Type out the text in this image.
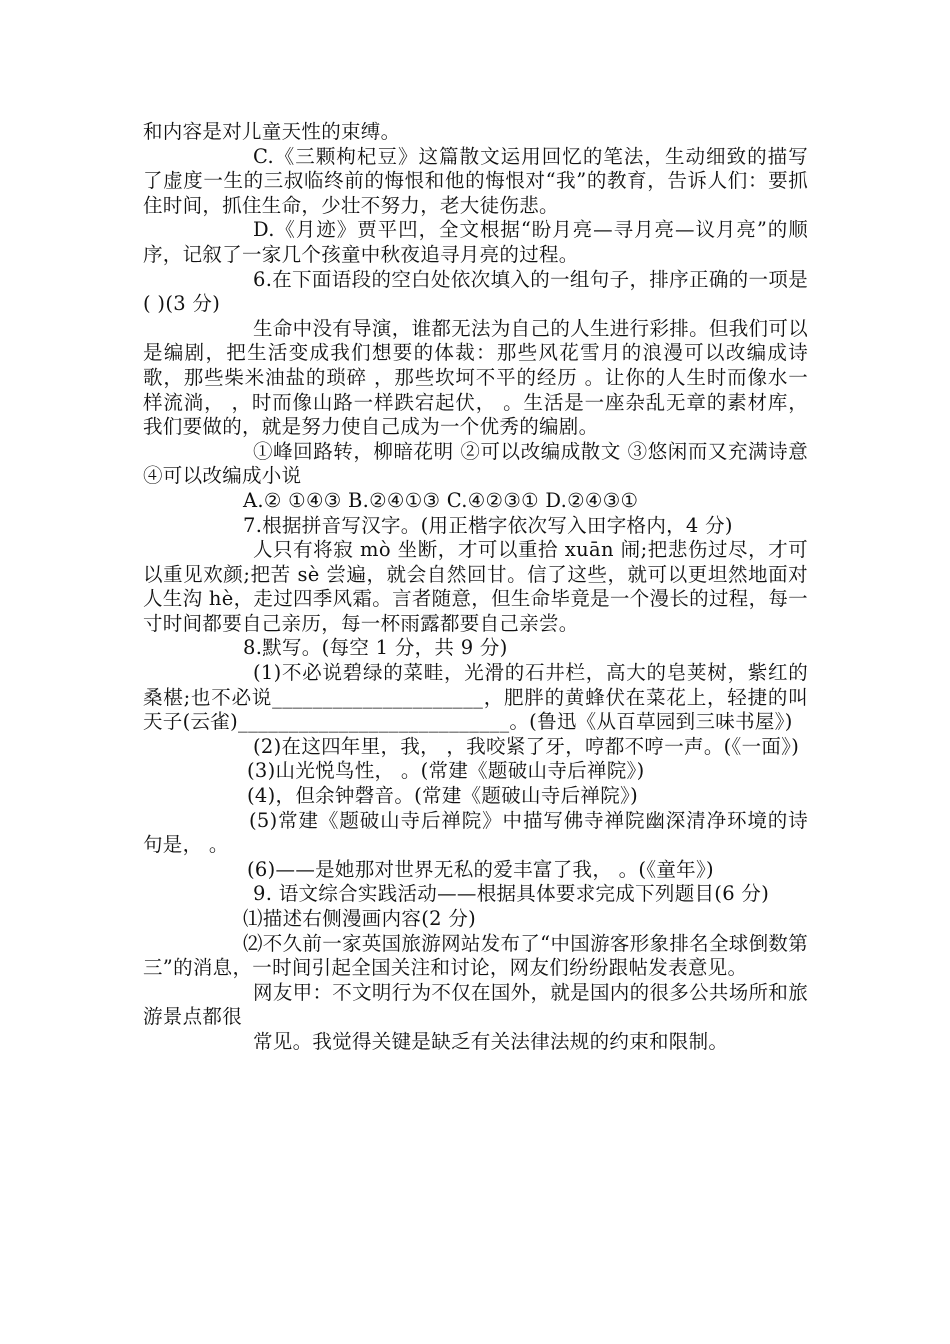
和内容是对儿童天性的束缚。

C.《三颗枸杞豆》这篇散文运用回忆的笔法，生动细致的描写了虚度一生的三叔临终前的悔恨和他的悔恨对“我”的教育，告诉人们：要抓住时间，抓住生命，少壮不努力，老大徒伤悲。

D.《月迹》贾平凹，全文根据“盼月亮—寻月亮—议月亮”的顺序，记叙了一家几个孩童中秋夜追寻月亮的过程。

6.在下面语段的空白处依次填入的一组句子，排序正确的一项是( )(3 分)

生命中没有导演，谁都无法为自己的人生进行彩排。但我们可以是编剧，把生活变成我们想要的体裁：那些风花雪月的浪漫可以改编成诗歌，那些柴米油盐的琐碎 ，那些坎坷不平的经历 。让你的人生时而像水一样流淌， ，时而像山路一样跌宕起伏， 。生活是一座杂乱无章的素材库，我们要做的，就是努力使自己成为一个优秀的编剧。

①峰回路转，柳暗花明 ②可以改编成散文 ③悠闲而又充满诗意 ④可以改编成小说

A.② ①④③ B.②④①③ C.④②③① D.②④③①

7.根据拼音写汉字。(用正楷字依次写入田字格内，4 分)

人只有将寂 mò 坐断，才可以重拾 xuān 闹;把悲伤过尽，才可以重见欢颜;把苦 sè 尝遍，就会自然回甘。信了这些，就可以更坦然地面对人生沟 hè，走过四季风霜。言者随意，但生命毕竟是一个漫长的过程，每一寸时间都要自己亲历，每一杯雨露都要自己亲尝。

8.默写。(每空 1 分，共 9 分)

(1)不必说碧绿的菜畦，光滑的石井栏，高大的皂荚树，紫红的桑椹;也不必说_____________________，肥胖的黄蜂伏在菜花上，轻捷的叫天子(云雀)___________________________。(鲁迅《从百草园到三味书屋》)

(2)在这四年里，我， ，我咬紧了牙，哼都不哼一声。(《一面》)

(3)山光悦鸟性， 。(常建《题破山寺后禅院》)

(4)，但余钟磬音。(常建《题破山寺后禅院》)

(5)常建《题破山寺后禅院》中描写佛寺禅院幽深清净环境的诗句是， 。

(6)——是她那对世界无私的爱丰富了我， 。(《童年》)

9. 语文综合实践活动——根据具体要求完成下列题目(6 分)

⑴描述右侧漫画内容(2 分)

⑵不久前一家英国旅游网站发布了“中国游客形象排名全球倒数第三”的消息，一时间引起全国关注和讨论，网友们纷纷跟帖发表意见。

网友甲：不文明行为不仅在国外，就是国内的很多公共场所和旅游景点都很

常见。我觉得关键是缺乏有关法律法规的约束和限制。
